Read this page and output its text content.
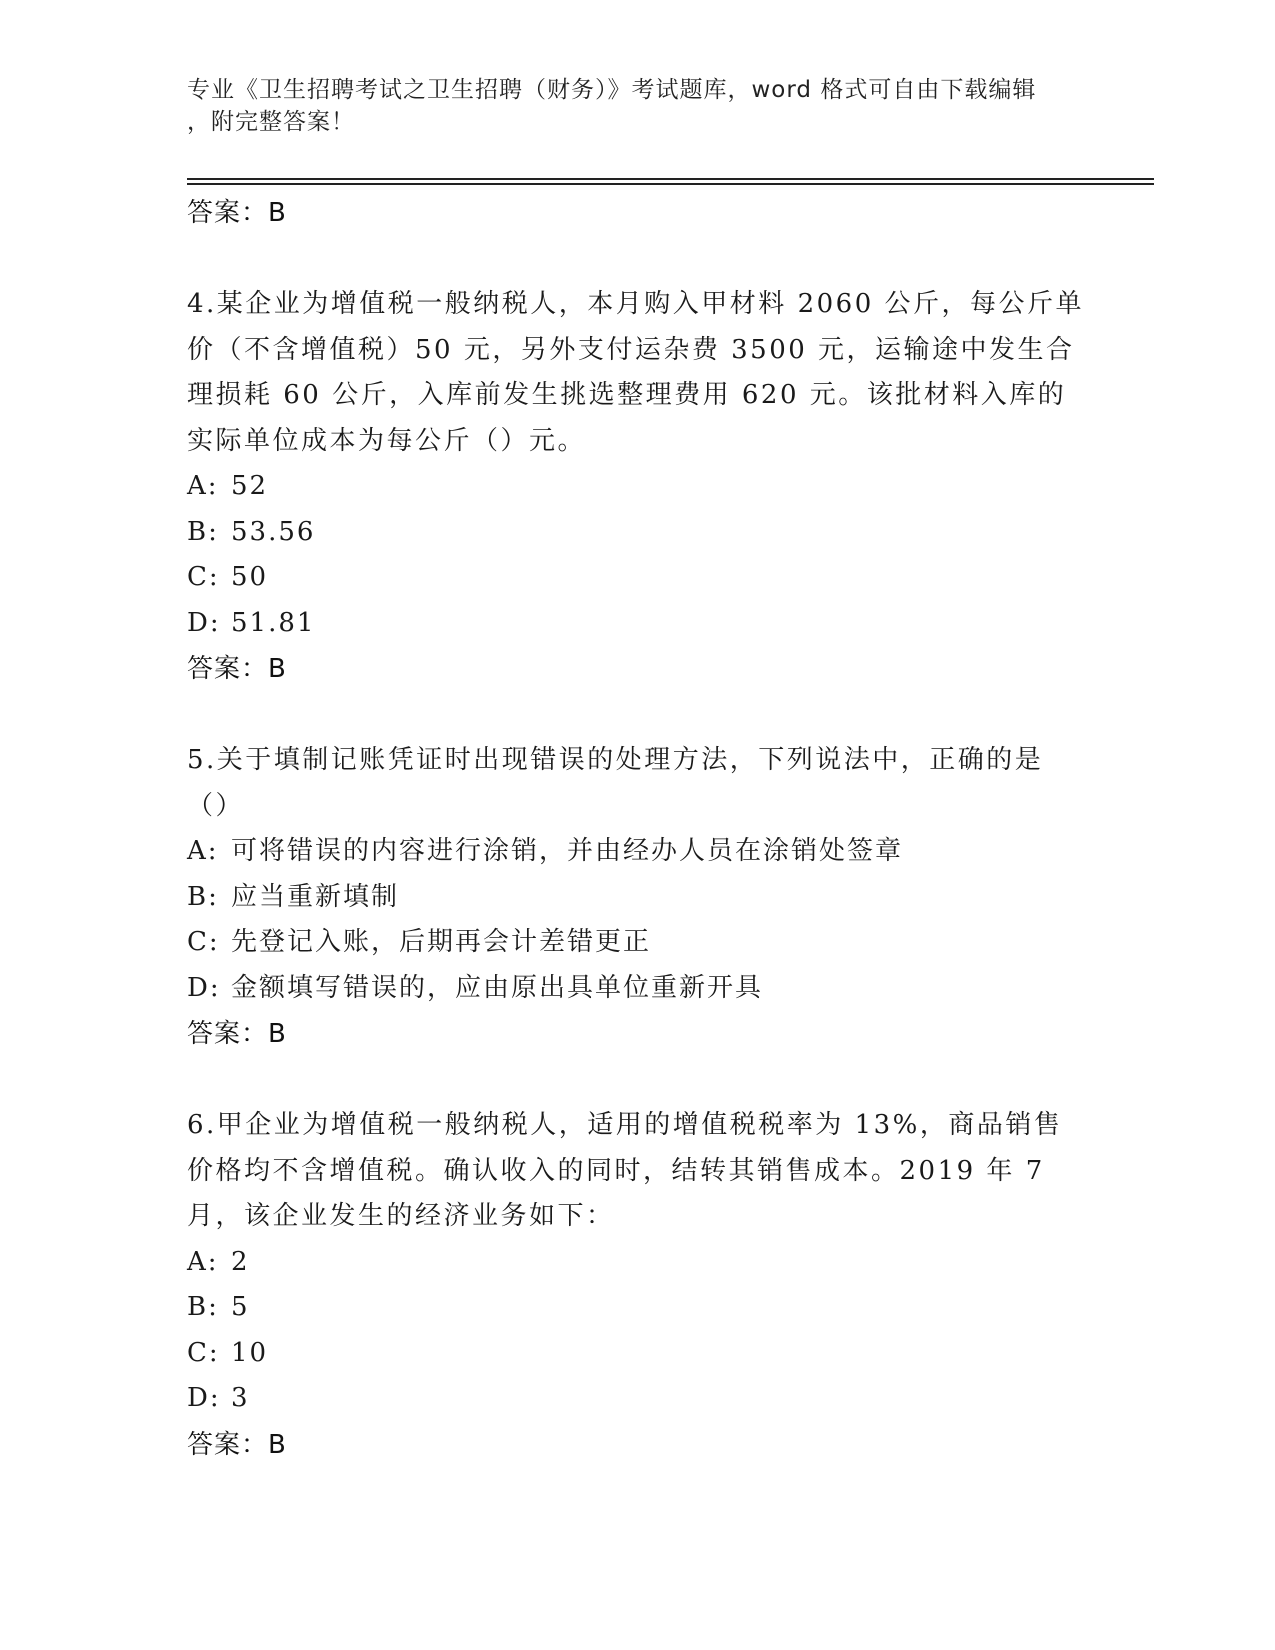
专业《卫生招聘考试之卫生招聘（财务）》考试题库，word 格式可自由下载编辑
，附完整答案！
答案：B
4.某企业为增值税一般纳税人，本月购入甲材料 2060 公斤，每公斤单价（不含增值税）50 元，另外支付运杂费 3500 元，运输途中发生合理损耗 60 公斤，入库前发生挑选整理费用 620 元。该批材料入库的实际单位成本为每公斤（）元。
A: 52
B: 53.56
C: 50
D: 51.81
答案：B
5.关于填制记账凭证时出现错误的处理方法，下列说法中，正确的是（）
A: 可将错误的内容进行涂销，并由经办人员在涂销处签章
B: 应当重新填制
C: 先登记入账，后期再会计差错更正
D: 金额填写错误的，应由原出具单位重新开具
答案：B
6.甲企业为增值税一般纳税人，适用的增值税税率为 13%，商品销售价格均不含增值税。确认收入的同时，结转其销售成本。2019 年 7 月，该企业发生的经济业务如下：
A: 2
B: 5
C: 10
D: 3
答案：B
